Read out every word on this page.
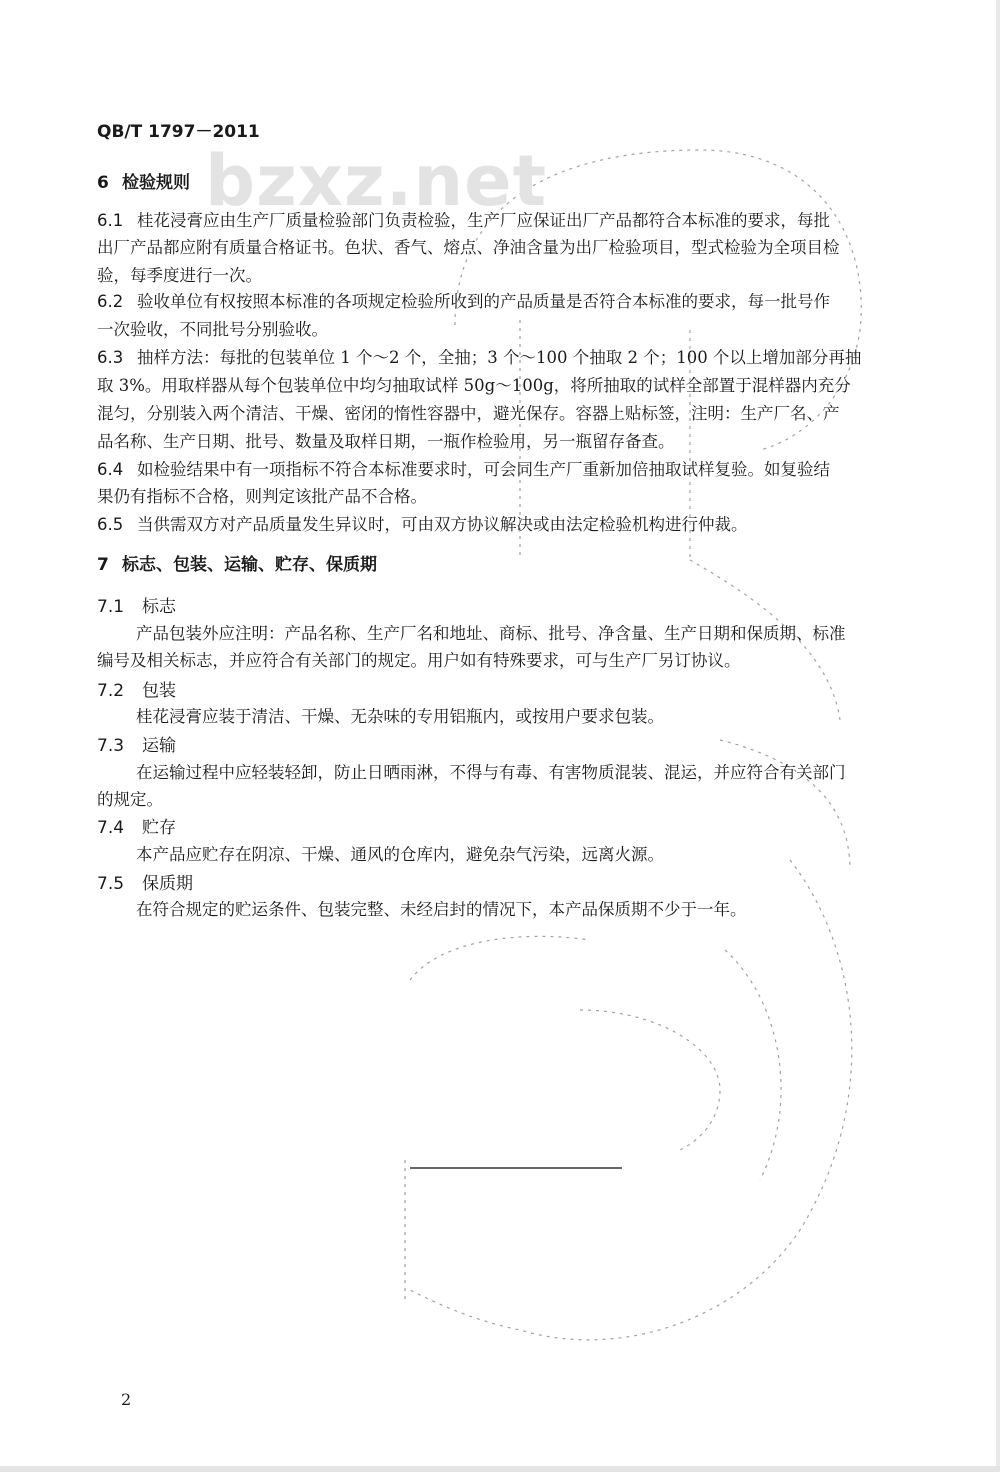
bzxz.net
QB/T 1797－2011
6 检验规则
6.1 桂花浸膏应由生产厂质量检验部门负责检验，生产厂应保证出厂产品都符合本标准的要求，每批
出厂产品都应附有质量合格证书。色状、香气、熔点、净油含量为出厂检验项目，型式检验为全项目检
验，每季度进行一次。
6.2 验收单位有权按照本标准的各项规定检验所收到的产品质量是否符合本标准的要求，每一批号作
一次验收，不同批号分别验收。
6.3 抽样方法：每批的包装单位 1 个～2 个，全抽；3 个～100 个抽取 2 个；100 个以上增加部分再抽
取 3%。用取样器从每个包装单位中均匀抽取试样 50g～100g，将所抽取的试样全部置于混样器内充分
混匀，分别装入两个清洁、干燥、密闭的惰性容器中，避光保存。容器上贴标签，注明：生产厂名、产
品名称、生产日期、批号、数量及取样日期，一瓶作检验用，另一瓶留存备查。
6.4 如检验结果中有一项指标不符合本标准要求时，可会同生产厂重新加倍抽取试样复验。如复验结
果仍有指标不合格，则判定该批产品不合格。
6.5 当供需双方对产品质量发生异议时，可由双方协议解决或由法定检验机构进行仲裁。
7 标志、包装、运输、贮存、保质期
7.1 标志
产品包装外应注明：产品名称、生产厂名和地址、商标、批号、净含量、生产日期和保质期、标准
编号及相关标志，并应符合有关部门的规定。用户如有特殊要求，可与生产厂另订协议。
7.2 包装
桂花浸膏应装于清洁、干燥、无杂味的专用铝瓶内，或按用户要求包装。
7.3 运输
在运输过程中应轻装轻卸，防止日晒雨淋，不得与有毒、有害物质混装、混运，并应符合有关部门
的规定。
7.4 贮存
本产品应贮存在阴凉、干燥、通风的仓库内，避免杂气污染，远离火源。
7.5 保质期
在符合规定的贮运条件、包装完整、未经启封的情况下，本产品保质期不少于一年。
2
